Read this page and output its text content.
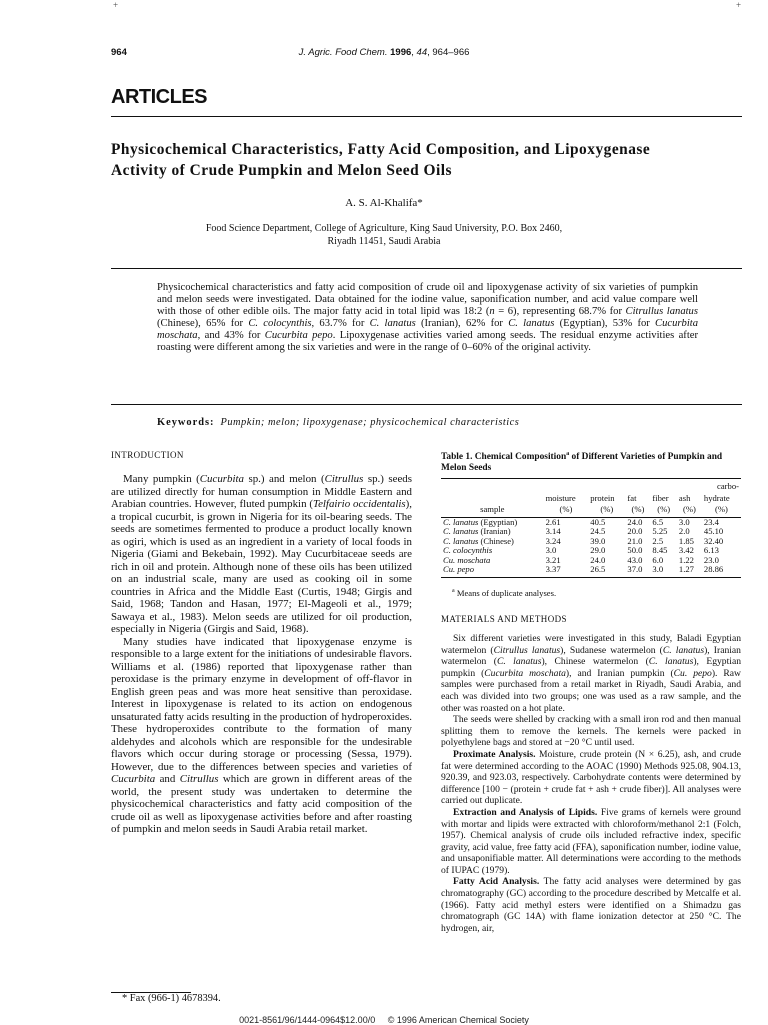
+	+
964	J. Agric. Food Chem. 1996, 44, 964–966
ARTICLES
Physicochemical Characteristics, Fatty Acid Composition, and Lipoxygenase Activity of Crude Pumpkin and Melon Seed Oils
A. S. Al-Khalifa*
Food Science Department, College of Agriculture, King Saud University, P.O. Box 2460,
Riyadh 11451, Saudi Arabia
Physicochemical characteristics and fatty acid composition of crude oil and lipoxygenase activity of six varieties of pumpkin and melon seeds were investigated. Data obtained for the iodine value, saponification number, and acid value compare well with those of other edible oils. The major fatty acid in total lipid was 18:2 (n = 6), representing 68.7% for Citrullus lanatus (Chinese), 65% for C. colocynthis, 63.7% for C. lanatus (Iranian), 62% for C. lanatus (Egyptian), 53% for Cucurbita moschata, and 43% for Cucurbita pepo. Lipoxygenase activities varied among seeds. The residual enzyme activities after roasting were different among the six varieties and were in the range of 0–60% of the original activity.
Keywords: Pumpkin; melon; lipoxygenase; physicochemical characteristics
INTRODUCTION

Many pumpkin (Cucurbita sp.) and melon (Citrullus sp.) seeds are utilized directly for human consumption in Middle Eastern and Arabian countries. However, fluted pumpkin (Telfairio occidentalis), a tropical cucurbit, is grown in Nigeria for its oil-bearing seeds. The seeds are sometimes fermented to produce a product locally known as ogiri, which is used as an ingredient in a variety of local foods in Nigeria (Giami and Bekebain, 1992). May Cucurbitaceae seeds are rich in oil and protein. Although none of these oils has been utilized on an industrial scale, many are used as cooking oil in some countries in Africa and the Middle East (Curtis, 1948; Girgis and Said, 1968; Tandon and Hasan, 1977; El-Mageoli et al., 1979; Sawaya et al., 1983). Melon seeds are utilized for oil production, especially in Nigeria (Girgis and Said, 1968).

Many studies have indicated that lipoxygenase enzyme is responsible to a large extent for the initiations of undesirable flavors. Williams et al. (1986) reported that lipoxygenase rather than peroxidase is the primary enzyme in development of off-flavor in English green peas and was more heat sensitive than peroxidase. Interest in lipoxygenase is related to its action on endogenous unsaturated fatty acids resulting in the production of hydroperoxides. These hydroperoxides contribute to the formation of many aldehydes and alcohols which are responsible for the undesirable flavors which occur during storage or processing (Sessa, 1979). However, due to the differences between species and varieties of Cucurbita and Citrullus which are grown in different areas of the world, the present study was undertaken to determine the physicochemical characteristics and fatty acid composition of the crude oil as well as lipoxygenase activities before and after roasting of pumpkin and melon seeds in Saudi Arabia retail market.

Table 1. Chemical Composition$^a$ of Different Varieties of Pumpkin and Melon Seeds

						carbo-
	moisture	protein	fat	fiber	ash	hydrate
sample	(%)	(%)	(%)	(%)	(%)	(%)
C. lanatus (Egyptian)	2.61	40.5	24.0	6.5	3.0	23.4
C. lanatus (Iranian)	3.14	24.5	20.0	5.25	2.0	45.10
C. lanatus (Chinese)	3.24	39.0	21.0	2.5	1.85	32.40
C. colocynthis	3.0	29.0	50.0	8.45	3.42	6.13
Cu. moschata	3.21	24.0	43.0	6.0	1.22	23.0
Cu. pepo	3.37	26.5	37.0	3.0	1.27	28.86
$^a$ Means of duplicate analyses.
MATERIALS AND METHODS

Six different varieties were investigated in this study, Baladi Egyptian watermelon (Citrullus lanatus), Sudanese watermelon (C. lanatus), Iranian watermelon (C. lanatus), Chinese watermelon (C. lanatus), Egyptian pumpkin (Cucurbita moschata), and Iranian pumpkin (Cu. pepo). Raw samples were purchased from a retail market in Riyadh, Saudi Arabia, and each was divided into two groups; one was used as a raw sample, and the other was roasted on a hot plate.

The seeds were shelled by cracking with a small iron rod and then manual splitting them to remove the kernels. The kernels were packed in polyethylene bags and stored at −20 °C until used.

Proximate Analysis. Moisture, crude protein (N × 6.25), ash, and crude fat were determined according to the AOAC (1990) Methods 925.08, 904.13, 920.39, and 923.03, respectively. Carbohydrate contents were determined by difference [100 − (protein + crude fat + ash + crude fiber)]. All analyses were carried out duplicate.

Extraction and Analysis of Lipids. Five grams of kernels were ground with mortar and lipids were extracted with chloroform/methanol 2:1 (Folch, 1957). Chemical analysis of crude oils included refractive index, specific gravity, acid value, free fatty acid (FFA), saponification number, iodine value, and unsaponifiable matter. All determinations were according to the methods of IUPAC (1979).

Fatty Acid Analysis. The fatty acid analyses were determined by gas chromatography (GC) according to the procedure described by Metcalfe et al. (1966). Fatty acid methyl esters were identified on a Shimadzu gas chromatograph (GC 14A) with flame ionization detector at 250 °C. The hydrogen, air,

* Fax (966-1) 4678394.
0021-8561/96/1444-0964$12.00/0     © 1996 American Chemical Society
